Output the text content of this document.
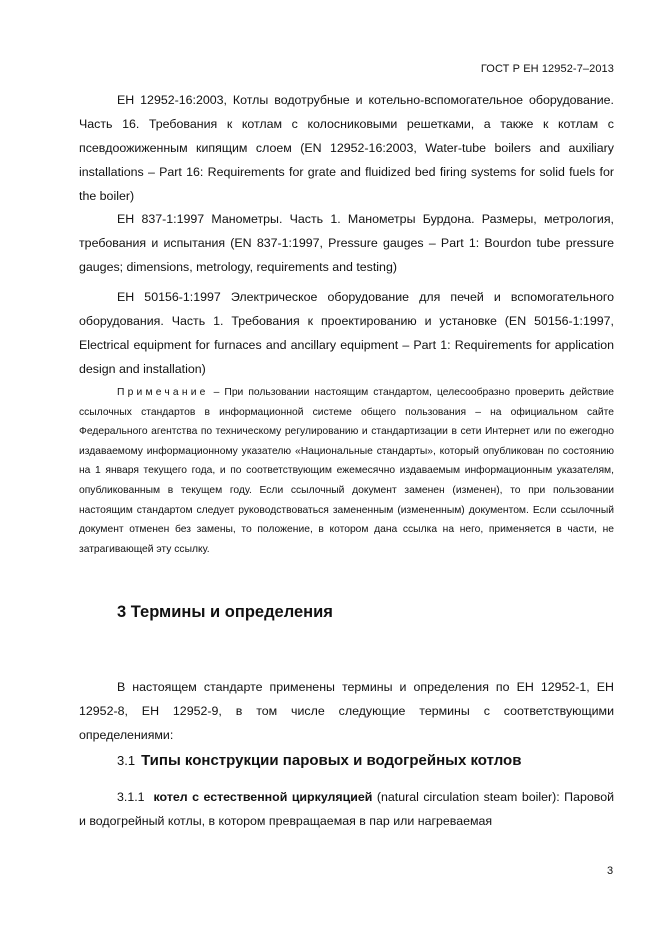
ГОСТ Р ЕН 12952-7–2013
ЕН 12952-16:2003, Котлы водотрубные и котельно-вспомогательное оборудование. Часть 16. Требования к котлам с колосниковыми решетками, а также к котлам с псевдоожиженным кипящим слоем (EN 12952-16:2003, Water-tube boilers and auxiliary installations – Part 16: Requirements for grate and fluidized bed firing systems for solid fuels for the boiler)
ЕН 837-1:1997 Манометры. Часть 1. Манометры Бурдона. Размеры, метрология, требования и испытания (EN 837-1:1997, Pressure gauges – Part 1: Bourdon tube pressure gauges; dimensions, metrology, requirements and testing)
ЕН 50156-1:1997 Электрическое оборудование для печей и вспомогательного оборудования. Часть 1. Требования к проектированию и установке (EN 50156-1:1997, Electrical equipment for furnaces and ancillary equipment – Part 1: Requirements for application design and installation)
Примечание – При пользовании настоящим стандартом, целесообразно проверить действие ссылочных стандартов в информационной системе общего пользования – на официальном сайте Федерального агентства по техническому регулированию и стандартизации в сети Интернет или по ежегодно издаваемому информационному указателю «Национальные стандарты», который опубликован по состоянию на 1 января текущего года, и по соответствующим ежемесячно издаваемым информационным указателям, опубликованным в текущем году. Если ссылочный документ заменен (изменен), то при пользовании настоящим стандартом следует руководствоваться замененным (измененным) документом. Если ссылочный документ отменен без замены, то положение, в котором дана ссылка на него, применяется в части, не затрагивающей эту ссылку.
3 Термины и определения
В настоящем стандарте применены термины и определения по ЕН 12952-1, ЕН 12952-8, ЕН 12952-9, в том числе следующие термины с соответствующими определениями:
3.1 Типы конструкции паровых и водогрейных котлов
3.1.1 котел с естественной циркуляцией (natural circulation steam boiler): Паровой и водогрейный котлы, в котором превращаемая в пар или нагреваемая
3
